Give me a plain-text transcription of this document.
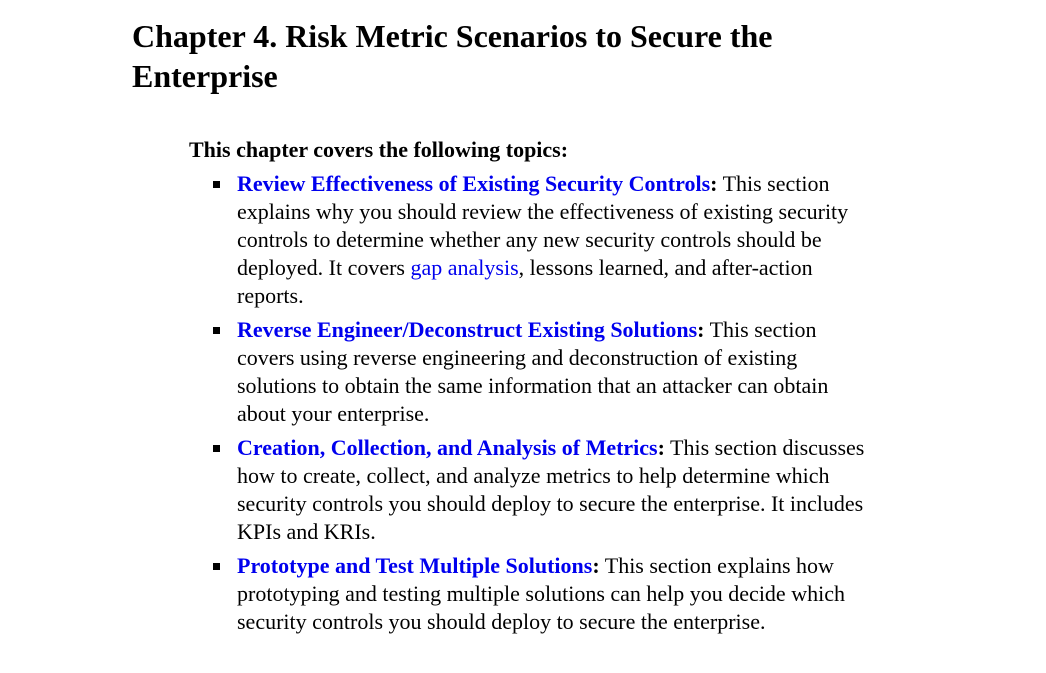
Chapter 4. Risk Metric Scenarios to Secure the Enterprise

This chapter covers the following topics:

Review Effectiveness of Existing Security Controls: This section explains why you should review the effectiveness of existing security controls to determine whether any new security controls should be deployed. It covers gap analysis, lessons learned, and after-action reports.
Reverse Engineer/Deconstruct Existing Solutions: This section covers using reverse engineering and deconstruction of existing solutions to obtain the same information that an attacker can obtain about your enterprise.
Creation, Collection, and Analysis of Metrics: This section discusses how to create, collect, and analyze metrics to help determine which security controls you should deploy to secure the enterprise. It includes KPIs and KRIs.
Prototype and Test Multiple Solutions: This section explains how prototyping and testing multiple solutions can help you decide which security controls you should deploy to secure the enterprise.
